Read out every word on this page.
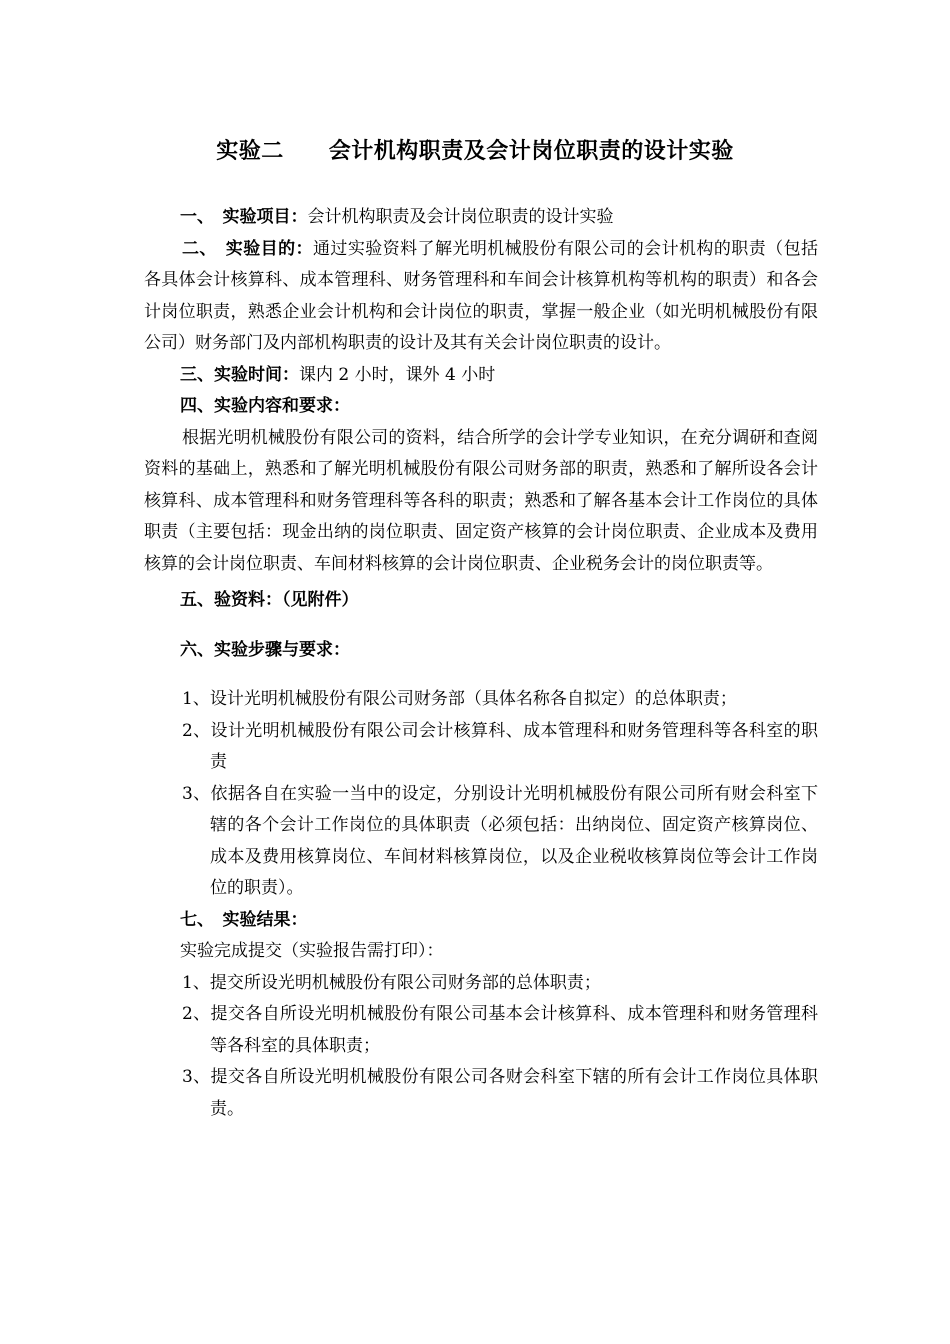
实验二　　会计机构职责及会计岗位职责的设计实验

一、　实验项目：会计机构职责及会计岗位职责的设计实验

二、　实验目的：通过实验资料了解光明机械股份有限公司的会计机构的职责（包括各具体会计核算科、成本管理科、财务管理科和车间会计核算机构等机构的职责）和各会计岗位职责，熟悉企业会计机构和会计岗位的职责，掌握一般企业（如光明机械股份有限公司）财务部门及内部机构职责的设计及其有关会计岗位职责的设计。

三、实验时间：课内 2 小时，课外 4 小时

四、实验内容和要求：

根据光明机械股份有限公司的资料，结合所学的会计学专业知识，在充分调研和查阅资料的基础上，熟悉和了解光明机械股份有限公司财务部的职责，熟悉和了解所设各会计核算科、成本管理科和财务管理科等各科的职责；熟悉和了解各基本会计工作岗位的具体职责（主要包括：现金出纳的岗位职责、固定资产核算的会计岗位职责、企业成本及费用核算的会计岗位职责、车间材料核算的会计岗位职责、企业税务会计的岗位职责等。

五、验资料：（见附件）

六、实验步骤与要求：

1、设计光明机械股份有限公司财务部（具体名称各自拟定）的总体职责；

2、设计光明机械股份有限公司会计核算科、成本管理科和财务管理科等各科室的职责

3、依据各自在实验一当中的设定，分别设计光明机械股份有限公司所有财会科室下辖的各个会计工作岗位的具体职责（必须包括：出纳岗位、固定资产核算岗位、成本及费用核算岗位、车间材料核算岗位，以及企业税收核算岗位等会计工作岗位的职责）。

七、　实验结果：

实验完成提交（实验报告需打印）：

1、提交所设光明机械股份有限公司财务部的总体职责；

2、提交各自所设光明机械股份有限公司基本会计核算科、成本管理科和财务管理科等各科室的具体职责；

3、提交各自所设光明机械股份有限公司各财会科室下辖的所有会计工作岗位具体职责。
